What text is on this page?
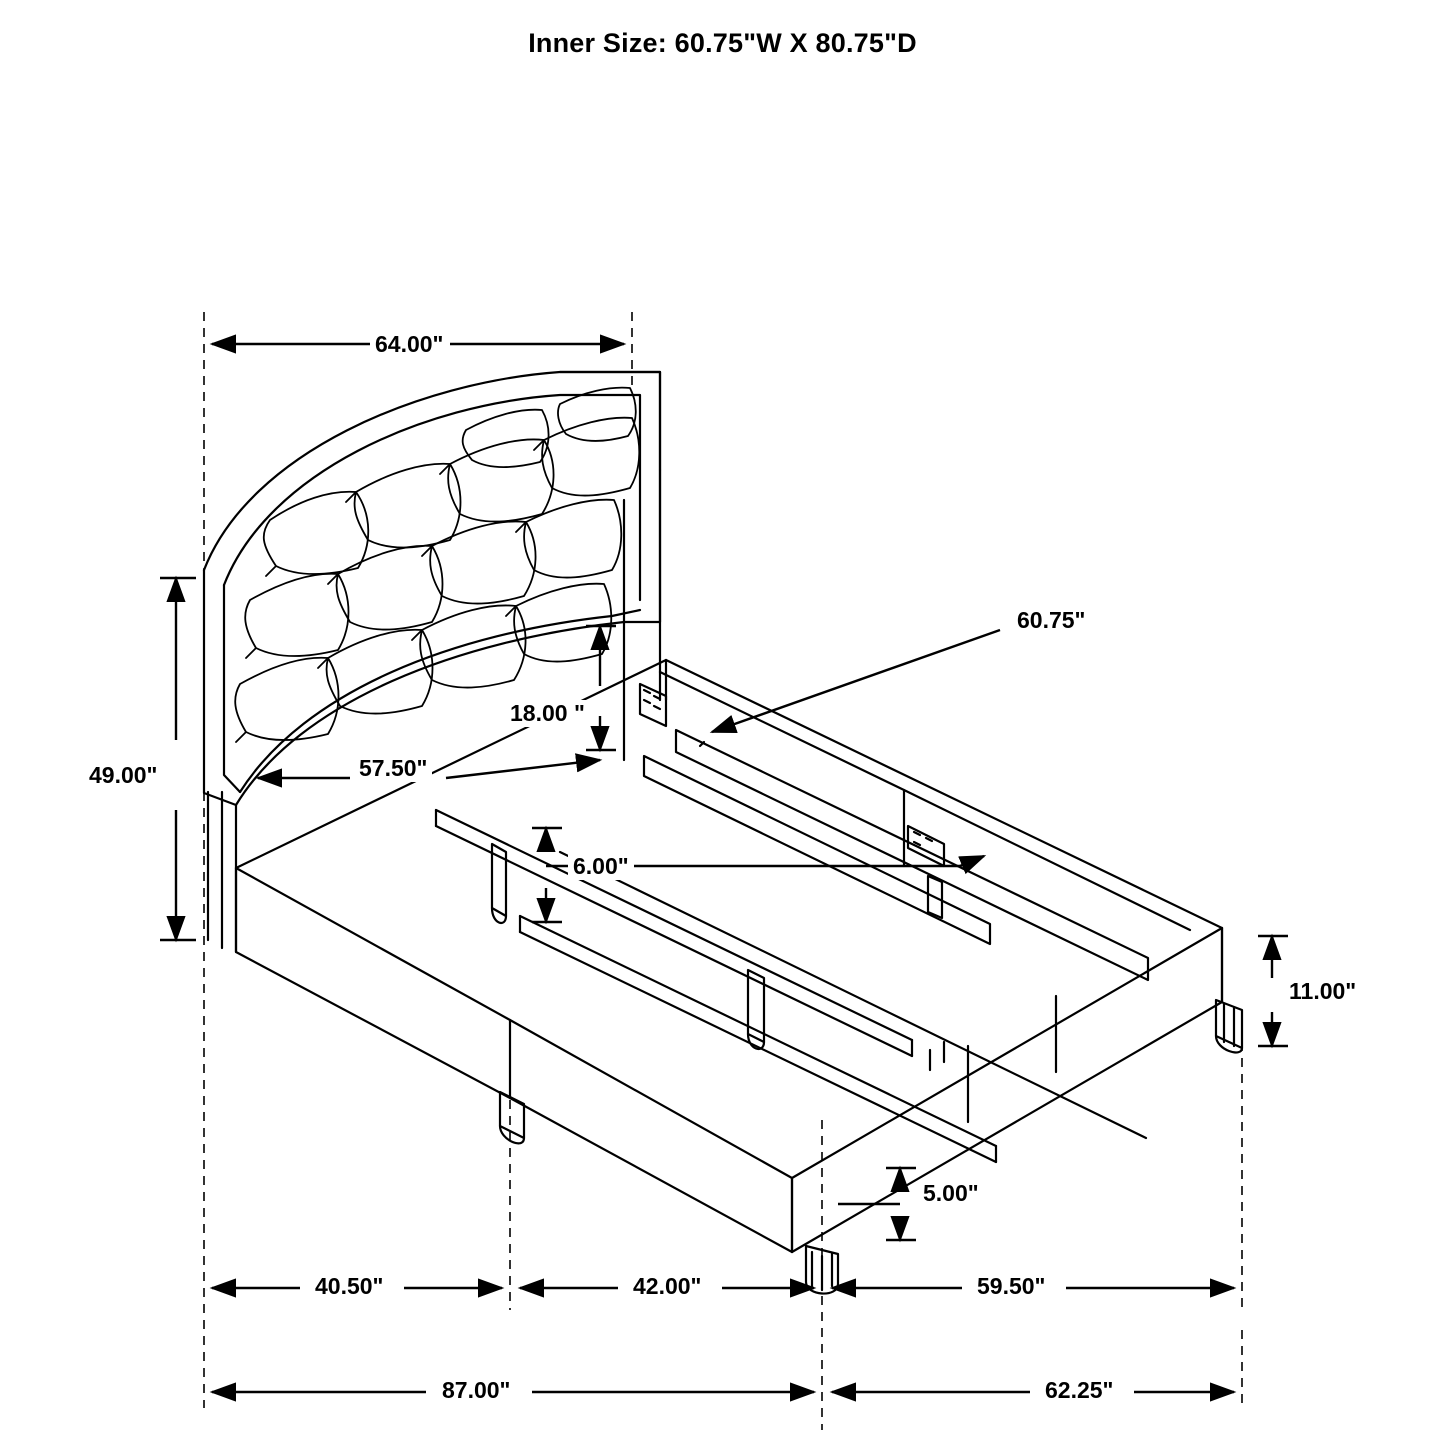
Inner Size: 60.75"W X 80.75"D
64.00"
49.00"	57.50"
18.00 "
60.75"
6.00"
11.00"
5.00"
40.50"	42.00"	59.50"
87.00"	62.25"
